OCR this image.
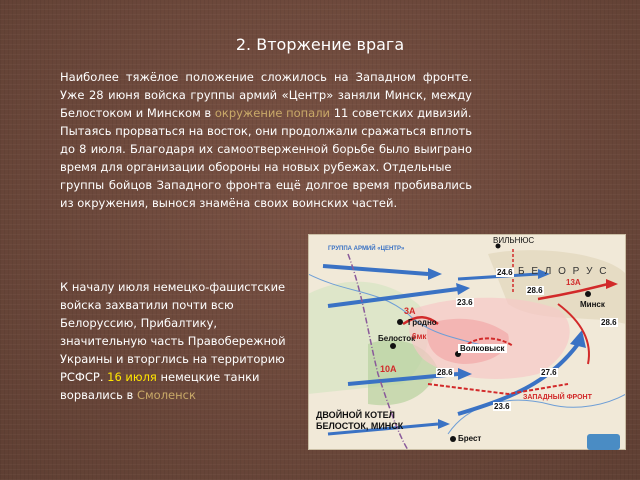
2. Вторжение врага

Наиболее тяжёлое положение сложилось на Западном фронте. Уже 28 июня войска группы армий «Центр» заняли Минск, между Белостоком и Минском в окружение попали 11 советских дивизий.

Пытаясь прорваться на восток, они продолжали сражаться вплоть до 8 июля. Благодаря их самоотверженной борьбе было выиграно время для организации обороны на новых рубежах. Отдельные

группы бойцов Западного фронта ещё долгое время пробивались из окружения, вынося знамёна своих воинских частей.

К началу июля немецко-фашистские войска захватили почти всю Белоруссию, Прибалтику, значительную часть Правобережной Украины и вторглись на территорию РСФСР. 16 июля немецкие танки ворвались в Смоленск
Минск
Гродно
Белосток
Волковыск
Брест
ВИЛЬНЮС
Б Е Л О Р У С
ГРУППА АРМИЙ «ЦЕНТР»
ЗАПАДНЫЙ ФРОНТ
24.6
28.6
23.6
27.6
28.6
23.6
28.6
3А
10А
6мк
13А
ДВОЙНОЙ КОТЕЛ
БЕЛОСТОК, МИНСК
